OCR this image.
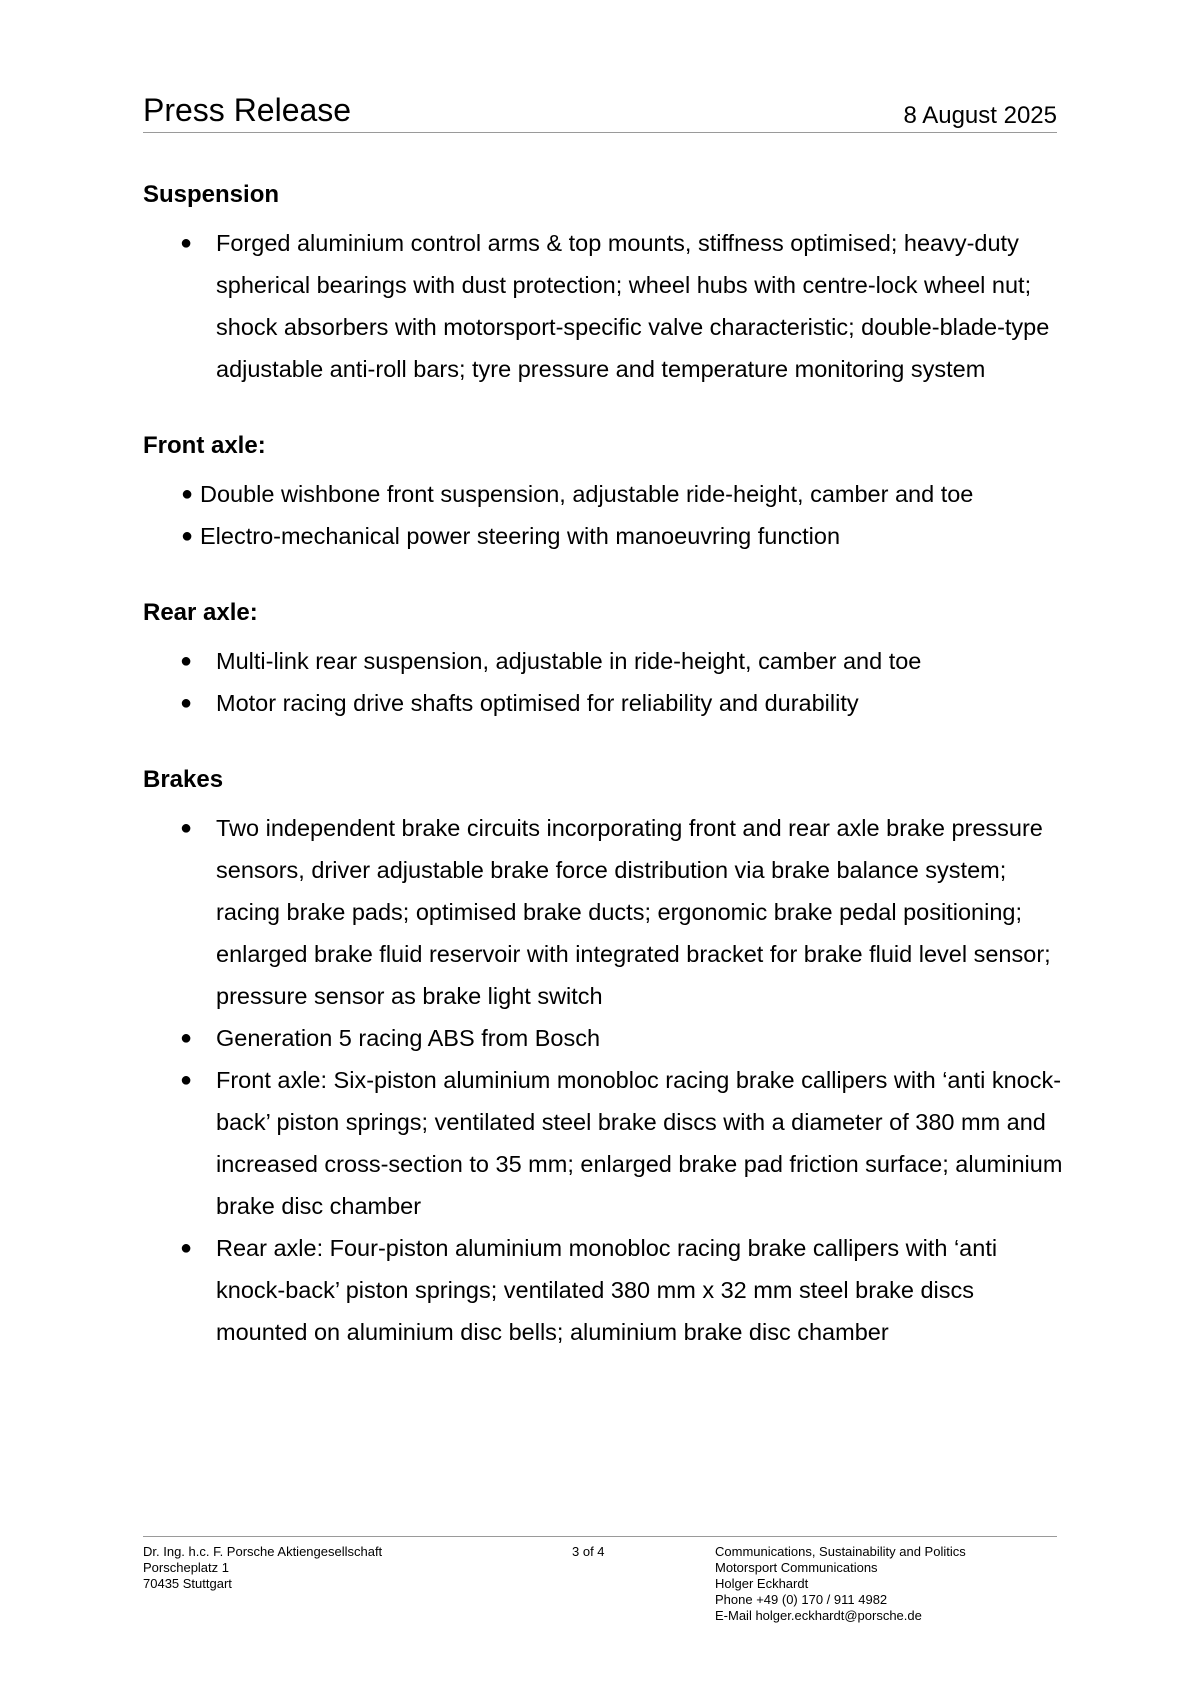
Press Release	8 August 2025
Suspension
● Forged aluminium control arms & top mounts, stiffness optimised; heavy-duty spherical bearings with dust protection; wheel hubs with centre-lock wheel nut; shock absorbers with motorsport-specific valve characteristic; double-blade-type adjustable anti-roll bars; tyre pressure and temperature monitoring system
Front axle:
● Double wishbone front suspension, adjustable ride-height, camber and toe
● Electro-mechanical power steering with manoeuvring function
Rear axle:
● Multi-link rear suspension, adjustable in ride-height, camber and toe
● Motor racing drive shafts optimised for reliability and durability
Brakes
● Two independent brake circuits incorporating front and rear axle brake pressure sensors, driver adjustable brake force distribution via brake balance system; racing brake pads; optimised brake ducts; ergonomic brake pedal positioning; enlarged brake fluid reservoir with integrated bracket for brake fluid level sensor; pressure sensor as brake light switch
● Generation 5 racing ABS from Bosch
● Front axle: Six-piston aluminium monobloc racing brake callipers with ‘anti knock-back’ piston springs; ventilated steel brake discs with a diameter of 380 mm and increased cross-section to 35 mm; enlarged brake pad friction surface; aluminium brake disc chamber
● Rear axle: Four-piston aluminium monobloc racing brake callipers with ‘anti knock-back’ piston springs; ventilated 380 mm x 32 mm steel brake discs mounted on aluminium disc bells; aluminium brake disc chamber
Dr. Ing. h.c. F. Porsche Aktiengesellschaft
Porscheplatz 1
70435 Stuttgart
3 of 4	Communications, Sustainability and Politics
Motorsport Communications
Holger Eckhardt
Phone +49 (0) 170 / 911 4982
E-Mail holger.eckhardt@porsche.de
